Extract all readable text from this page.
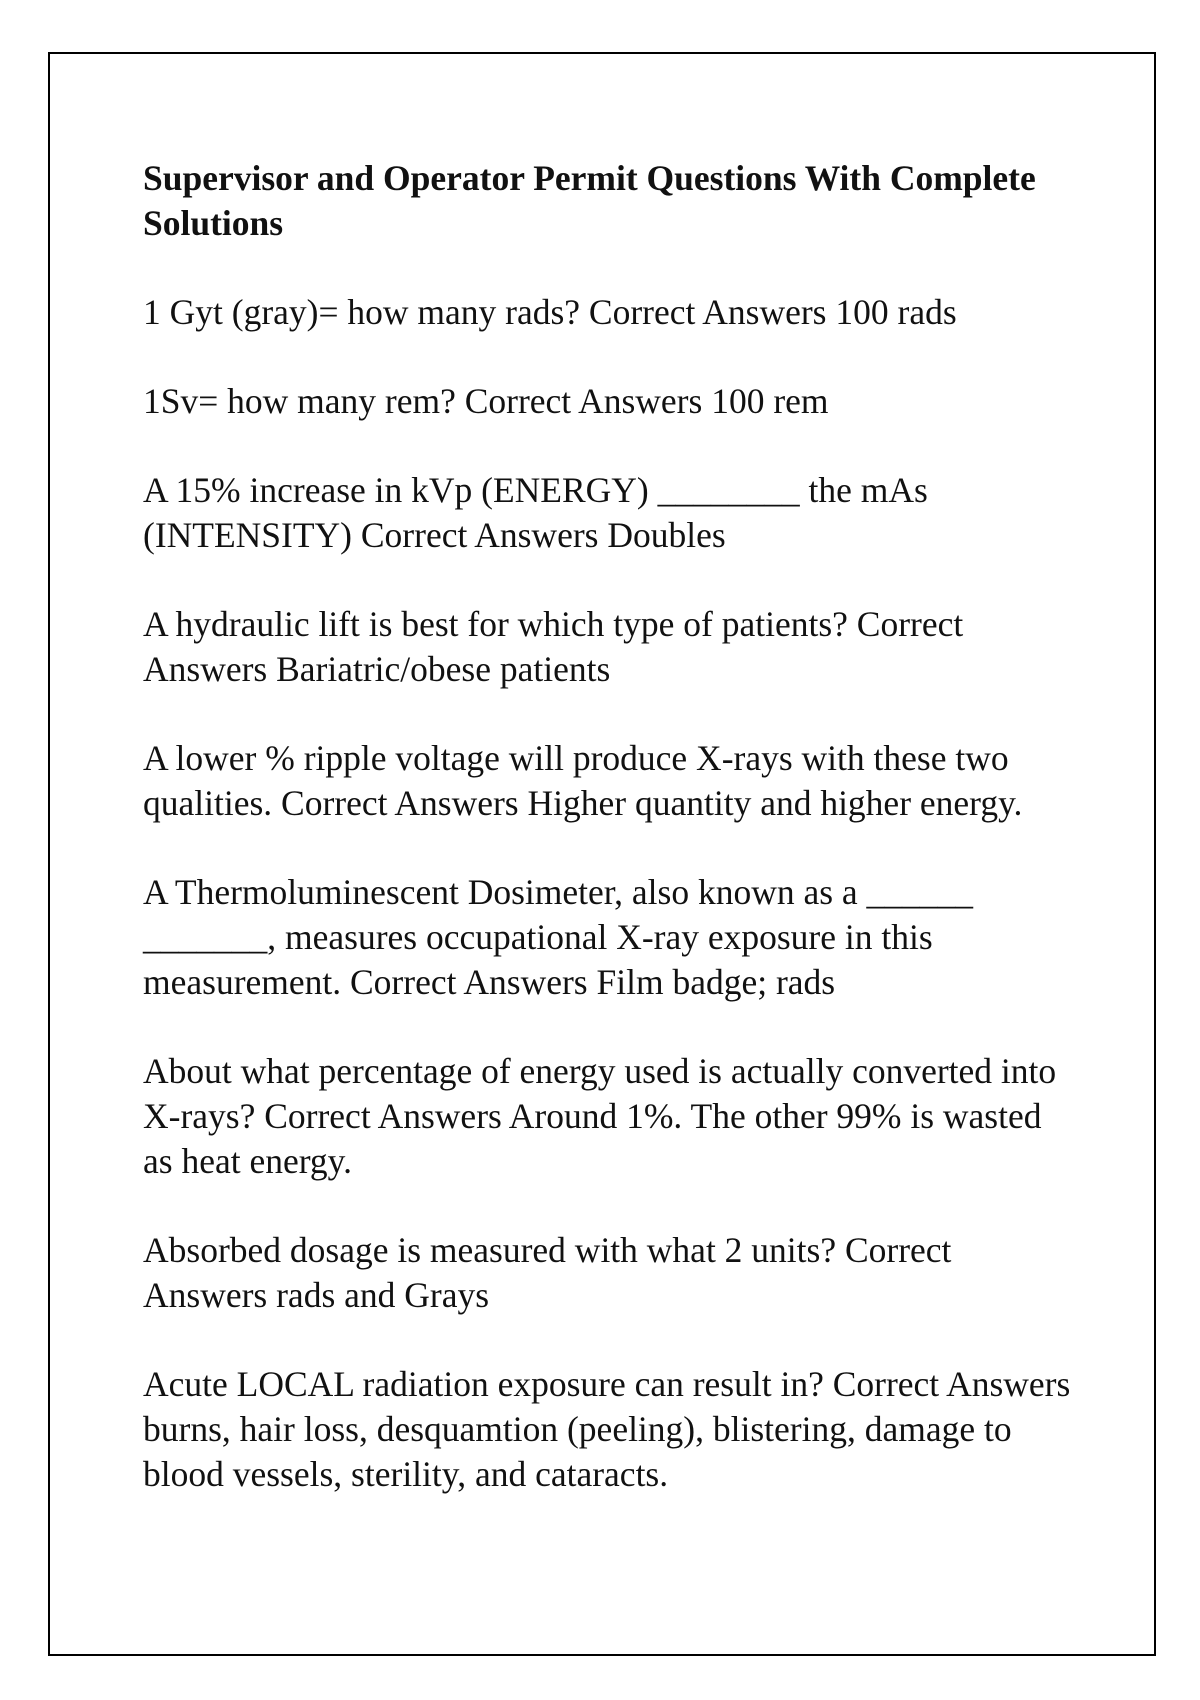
Supervisor and Operator Permit Questions With Complete Solutions
1 Gyt (gray)= how many rads? Correct Answers 100 rads
1Sv= how many rem? Correct Answers 100 rem
A 15% increase in kVp (ENERGY) ________ the mAs (INTENSITY) Correct Answers Doubles
A hydraulic lift is best for which type of patients? Correct Answers Bariatric/obese patients
A lower % ripple voltage will produce X-rays with these two qualities. Correct Answers Higher quantity and higher energy.
A Thermoluminescent Dosimeter, also known as a ______ _______, measures occupational X-ray exposure in this measurement. Correct Answers Film badge; rads
About what percentage of energy used is actually converted into X-rays? Correct Answers Around 1%. The other 99% is wasted as heat energy.
Absorbed dosage is measured with what 2 units? Correct Answers rads and Grays
Acute LOCAL radiation exposure can result in? Correct Answers burns, hair loss, desquamtion (peeling), blistering, damage to blood vessels, sterility, and cataracts.
